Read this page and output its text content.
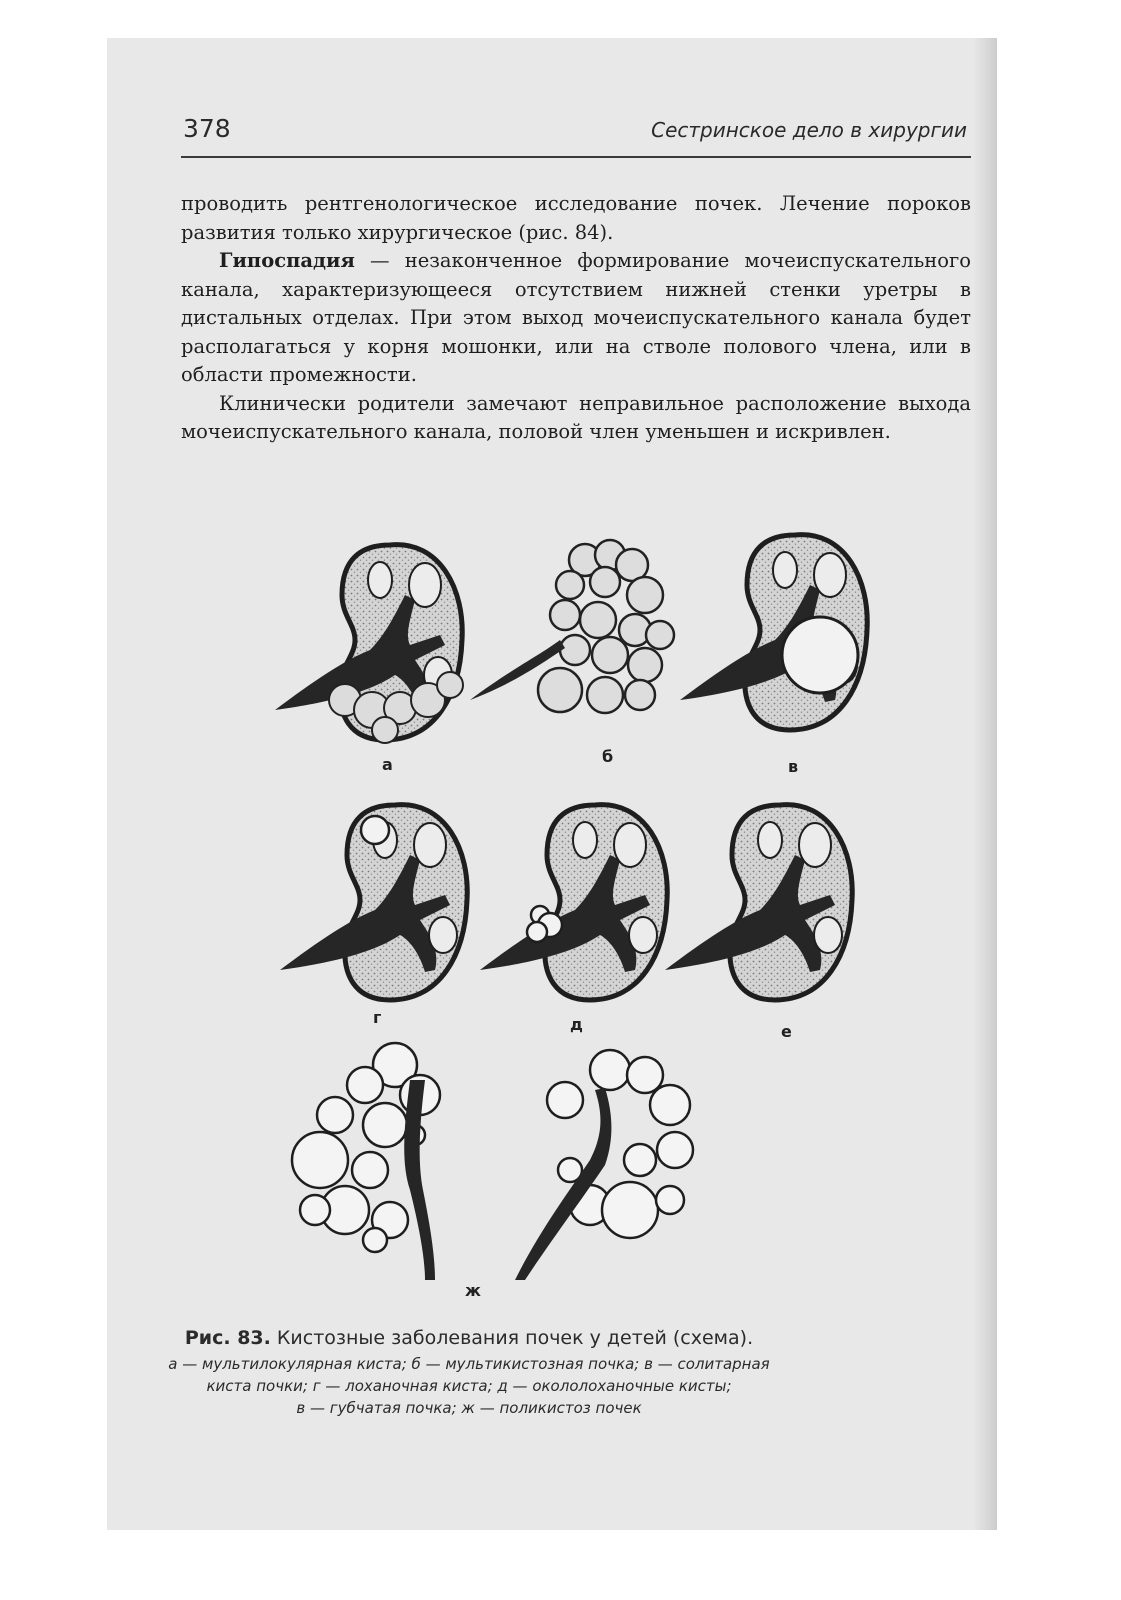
378	Сестринское дело в хирургии

проводить рентгенологическое исследование почек. Лечение пороков развития только хирургическое (рис. 84).

Гипоспадия — незаконченное формирование мочеиспускательного канала, характеризующееся отсутствием нижней стенки уретры в дистальных отделах. При этом выход мочеиспускательного канала будет располагаться у корня мошонки, или на стволе полового члена, или в области промежности.

Клинически родители замечают неправильное расположение выхода мочеиспускательного канала, половой член уменьшен и искривлен.

а	б
в
г	д	е
ж
Рис. 83. Кистозные заболевания почек у детей (схема).
а — мультилокулярная киста; б — мультикистозная почка; в — солитарная
киста почки; г — лоханочная киста; д — окололоханочные кисты;
в — губчатая почка; ж — поликистоз почек
